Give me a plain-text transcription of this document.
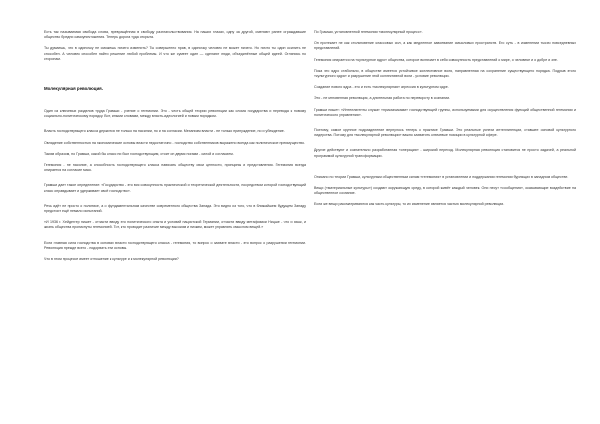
Есть так называемая свобода слова, превращённая в свободу разглагольствования. На наших глазах, одну за другой, сменяют ранее ограждавшие общество бредни самоуничтожения. Теперь дорога туда открыта.

Ты думаешь, что в одиночку не сможешь ничего изменить? Ты совершенно прав, в одиночку человек не может ничего. Но ничто ты один осилить не способен. А человек способен найти решение любой проблемы. И что же сумеет один — сделают люди, объединённые общей идеей. Оглянись по сторонам.

Молекулярная революция.

Один из ключевых разделов труда Грамши - учение о гегемонии. Это - честь общей теории революции как слома государства и перевода к новому социально-политическому порядку. Вот, иными словами, между власть-идеологией и новым порядком.

Власть господствующего класса держится не только на насилии, но и на согласии. Механизм власти - не только принуждение, но и убеждение.

Овладение собственностью на экономические основы власти недостаточно - господство собственников выражено всегда как политическое преимущество.

Таким образом, по Грамши, какой бы класс ни был господствующим, стоит он двумя ногами - силой и согласием.

Гегемония - не насилие, а способность господствующего класса навязать обществу свои ценности, принципы и представления. Гегемония всегда опирается на согласие масс.

Грамши дает такое определение: «Государство - это вся совокупность практической и теоретической деятельности, посредством которой господствующий класс оправдывает и удерживает своё господство».

Речь идёт не просто о политике, а о фундаментальном качестве современного общества Запада. Это видно из того, что в ближайшем будущем Западу предстоит ещё немало испытаний.

«И 1936 г. Хейдеггер пишет - отчасти ввиду его политического опыта и условий нацистской Германии, отчасти ввиду метафизики Ницше - что и язык, и жизнь общества проникнуты гегемонией. Тот, кто проводит различие между высоким и низким, может управлять смыслом вещей.»

Если главная сила господства в основах власти господствующего класса - гегемония, то вопрос о захвате власти - это вопрос о разрушении гегемонии. Революция прежде всего - подорвать эти основы.

Что в этом процессе имеет отношение к культуре и к молекулярной революции?

По Грамши, установленной гегемонии «молекулярный процесс».

Он протекает не как столкновение классовых сил, а как медленное завоевание смысловых пространств. Его суть - в изменении тысяч повседневных представлений.

Гегемония опирается на «культурное ядро» общества, которое включает в себя совокупность представлений о мире, о человеке и о добре и зле.

Пока это ядро стабильно, в обществе имеется устойчивое коллективное воля, направленная на сохранение существующего порядка. Подрыв этого «культурного ядра» и разрушение этой коллективной воли - условие революции.

Создание нового ядра - это и есть «молекулярная» агрессия в культурном ядре.

Это - не мгновенная революция, а длительная работа по перевороту в сознании.

Грамши пишет: «Интеллигенты служат «приказчиками» господствующей группы, используемыми для осуществления функций общественной гегемонии и политического управления».

Поэтому, самое крупное подразделение вернулось теперь к практике Грамши. Это реальные успехи интеллигенции, ставшее основой культурного лидерства. Потому для «молекулярной революции» важно захватить ключевые позиции в культурной сфере.

Другие действуют и сознательно разработанная «операция» - широкий переход. Молекулярная революция становится не просто задачей, а реальной программой культурной трансформации.

Описано по теории Грамши, культурным общественным силам «гегемония» в установлении и поддержании гегемонии бурлящих в западном обществе.

Вещи («материальные культуры») создают окружающую среду, в которой живёт каждый человек. Они несут «сообщения», оказывающие воздействие на общественное сознание.

Если же вещи рассматриваются как часть культуры, то их изменение является частью молекулярной революции.
